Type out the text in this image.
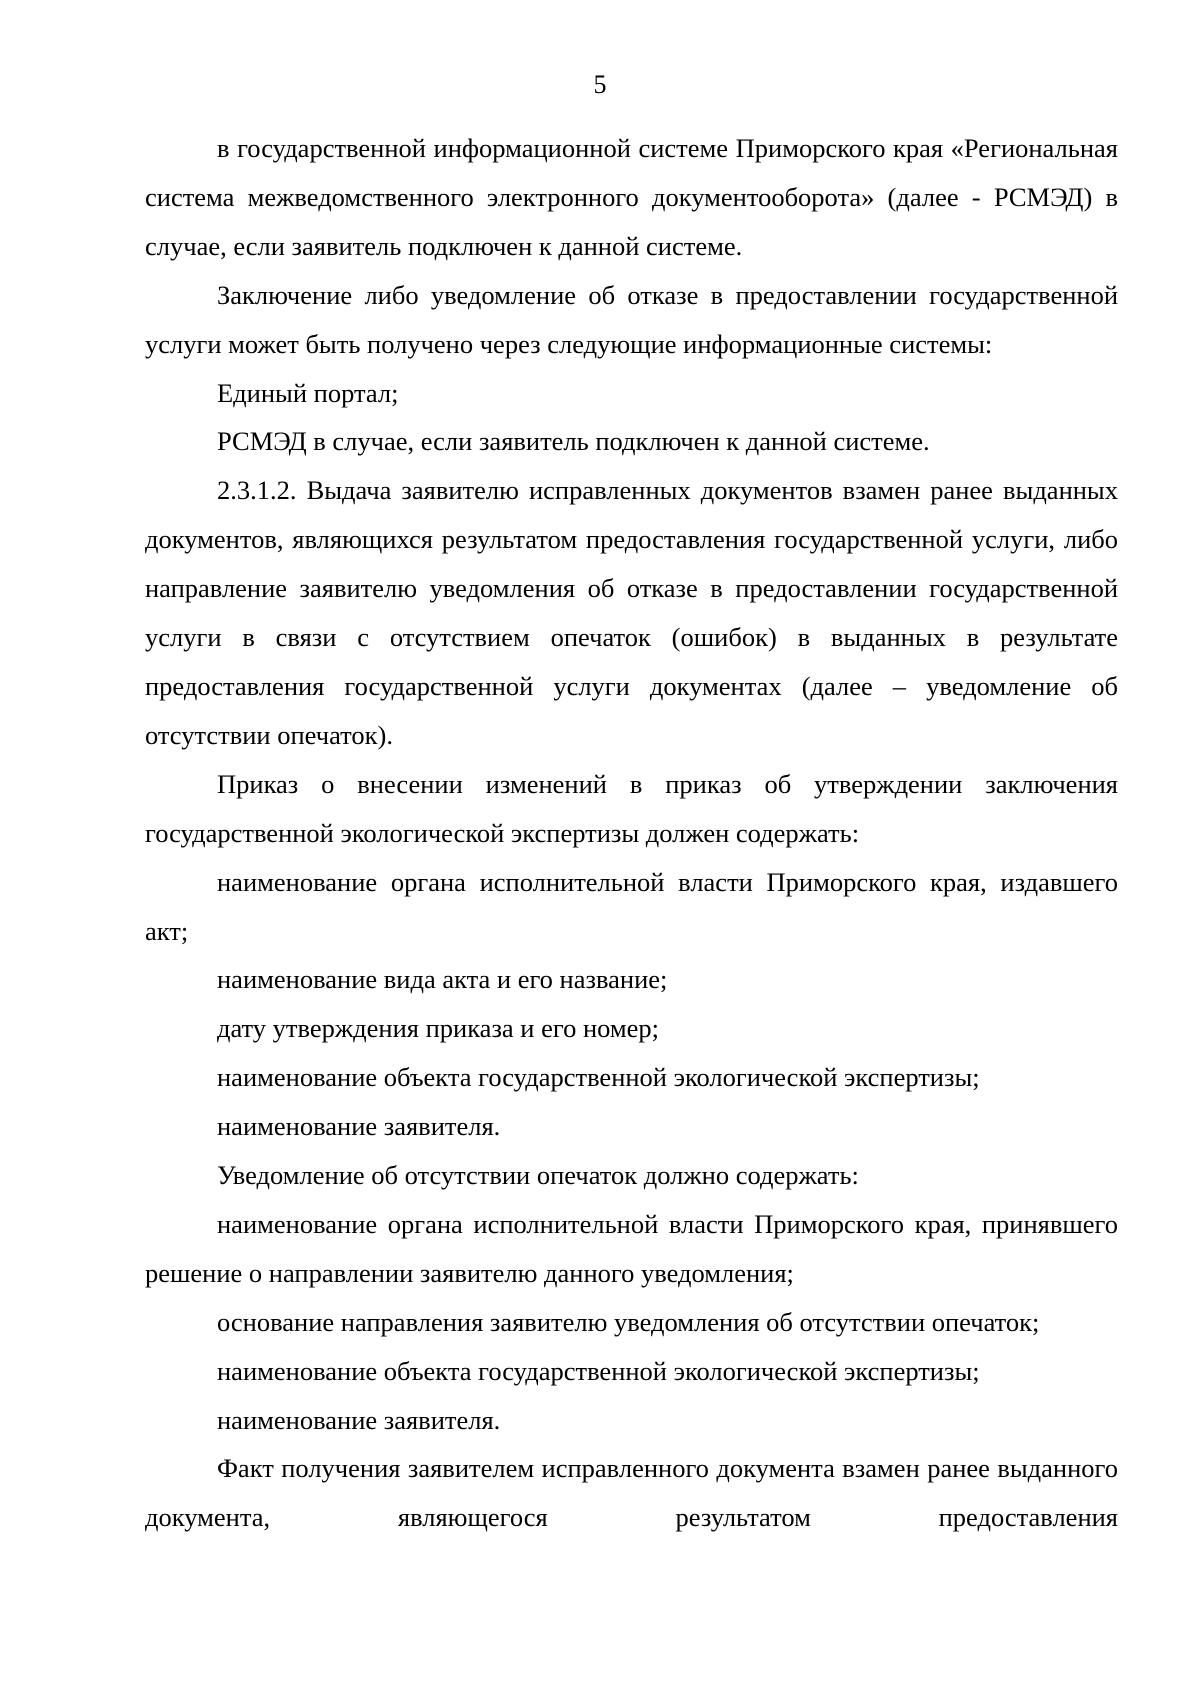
5

в государственной информационной системе Приморского края «Региональная система межведомственного электронного документооборота» (далее - РСМЭД) в случае, если заявитель подключен к данной системе.

Заключение либо уведомление об отказе в предоставлении государственной услуги может быть получено через следующие информационные системы:

Единый портал;

РСМЭД в случае, если заявитель подключен к данной системе.

2.3.1.2. Выдача заявителю исправленных документов взамен ранее выданных документов, являющихся результатом предоставления государственной услуги, либо направление заявителю уведомления об отказе в предоставлении государственной услуги в связи с отсутствием опечаток (ошибок) в выданных в результате предоставления государственной услуги документах (далее – уведомление об отсутствии опечаток).

Приказ о внесении изменений в приказ об утверждении заключения государственной экологической экспертизы должен содержать:

наименование органа исполнительной власти Приморского края, издавшего акт;

наименование вида акта и его название;

дату утверждения приказа и его номер;

наименование объекта государственной экологической экспертизы;

наименование заявителя.

Уведомление об отсутствии опечаток должно содержать:

наименование органа исполнительной власти Приморского края, принявшего решение о направлении заявителю данного уведомления;

основание направления заявителю уведомления об отсутствии опечаток;

наименование объекта государственной экологической экспертизы;

наименование заявителя.

Факт получения заявителем исправленного документа взамен ранее выданного документа, являющегося результатом предоставления
